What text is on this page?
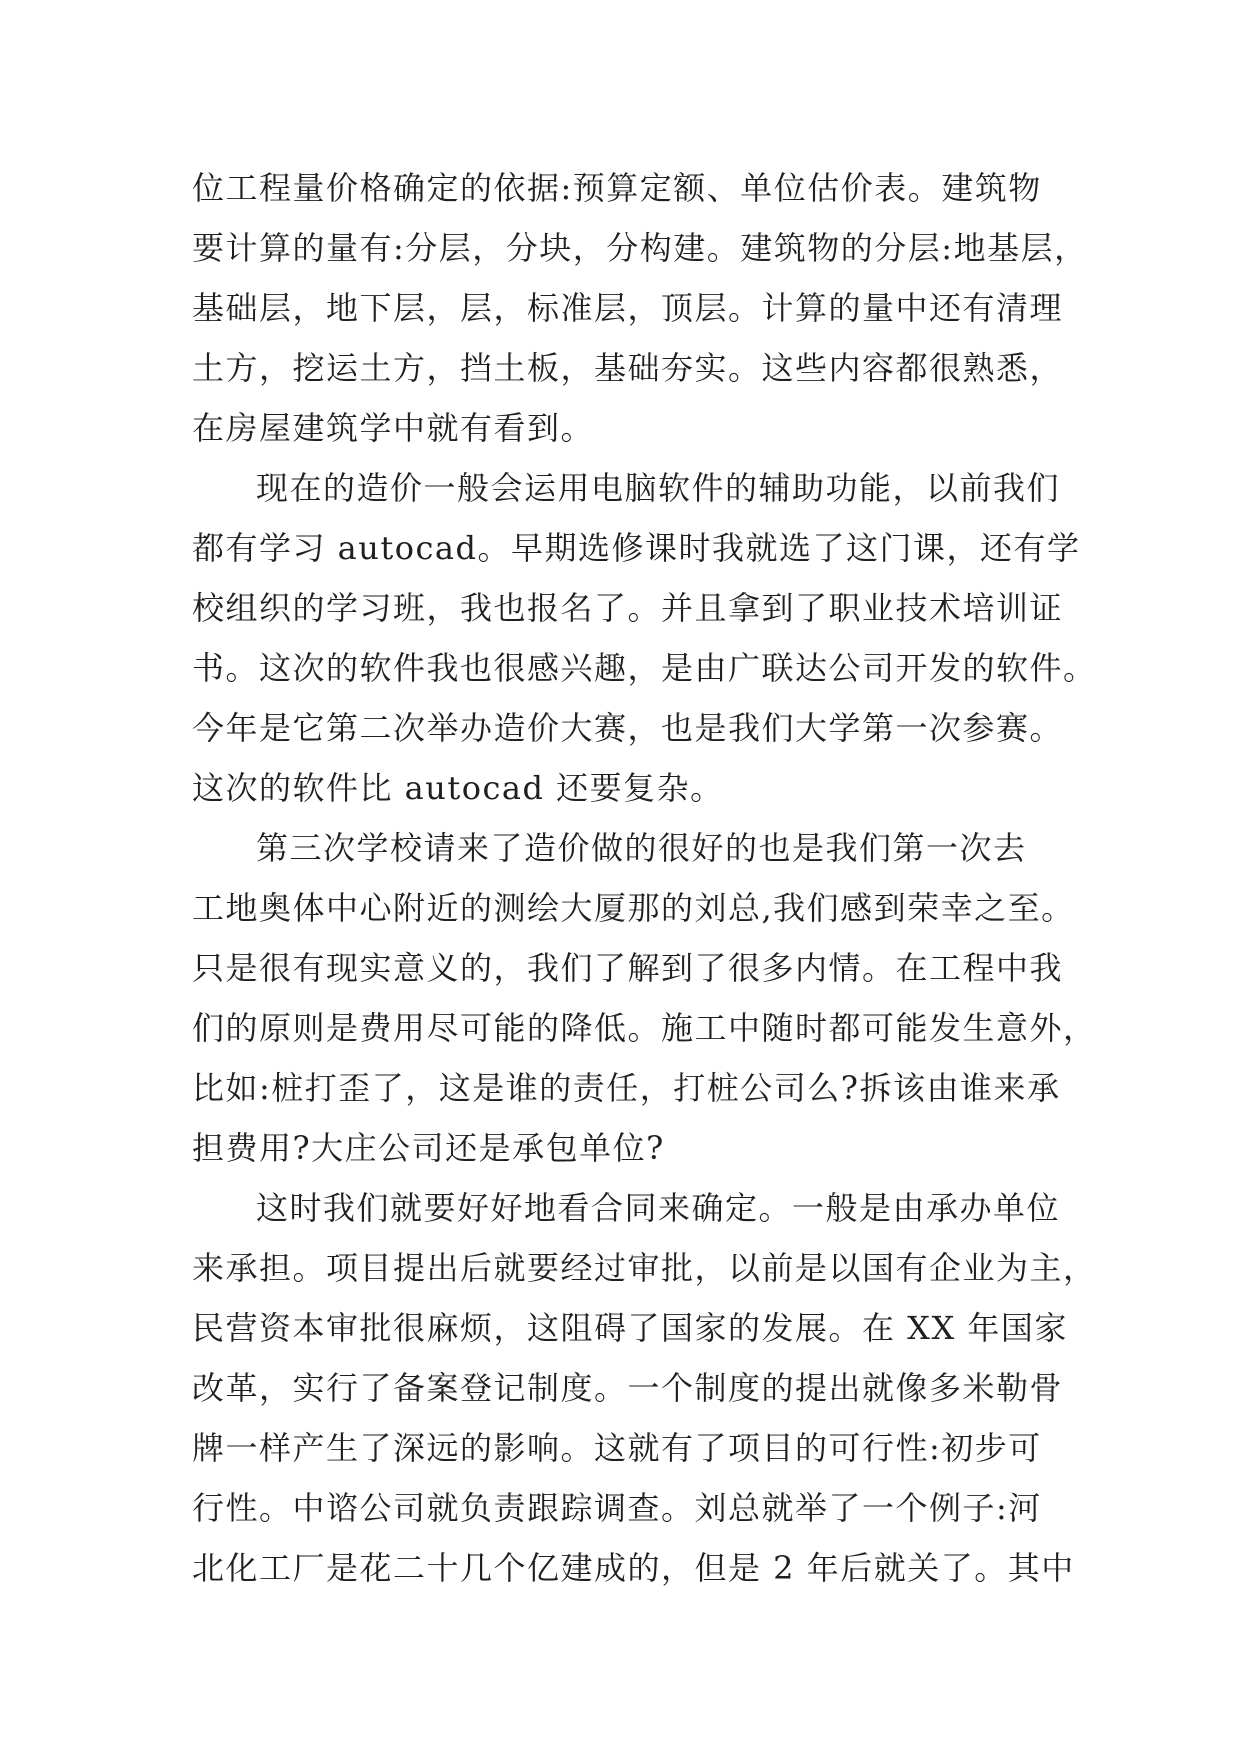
位工程量价格确定的依据:预算定额、单位估价表。建筑物
要计算的量有:分层，分块，分构建。建筑物的分层:地基层，
基础层，地下层，层，标准层，顶层。计算的量中还有清理
土方，挖运土方，挡土板，基础夯实。这些内容都很熟悉，
在房屋建筑学中就有看到。
现在的造价一般会运用电脑软件的辅助功能，以前我们
都有学习 autocad。早期选修课时我就选了这门课，还有学
校组织的学习班，我也报名了。并且拿到了职业技术培训证
书。这次的软件我也很感兴趣，是由广联达公司开发的软件。
今年是它第二次举办造价大赛，也是我们大学第一次参赛。
这次的软件比 autocad 还要复杂。
第三次学校请来了造价做的很好的也是我们第一次去
工地奥体中心附近的测绘大厦那的刘总,我们感到荣幸之至。
只是很有现实意义的，我们了解到了很多内情。在工程中我
们的原则是费用尽可能的降低。施工中随时都可能发生意外，
比如:桩打歪了，这是谁的责任，打桩公司么?拆该由谁来承
担费用?大庄公司还是承包单位?
这时我们就要好好地看合同来确定。一般是由承办单位
来承担。项目提出后就要经过审批，以前是以国有企业为主，
民营资本审批很麻烦，这阻碍了国家的发展。在 XX 年国家
改革，实行了备案登记制度。一个制度的提出就像多米勒骨
牌一样产生了深远的影响。这就有了项目的可行性:初步可
行性。中谘公司就负责跟踪调查。刘总就举了一个例子:河
北化工厂是花二十几个亿建成的，但是 2 年后就关了。其中
